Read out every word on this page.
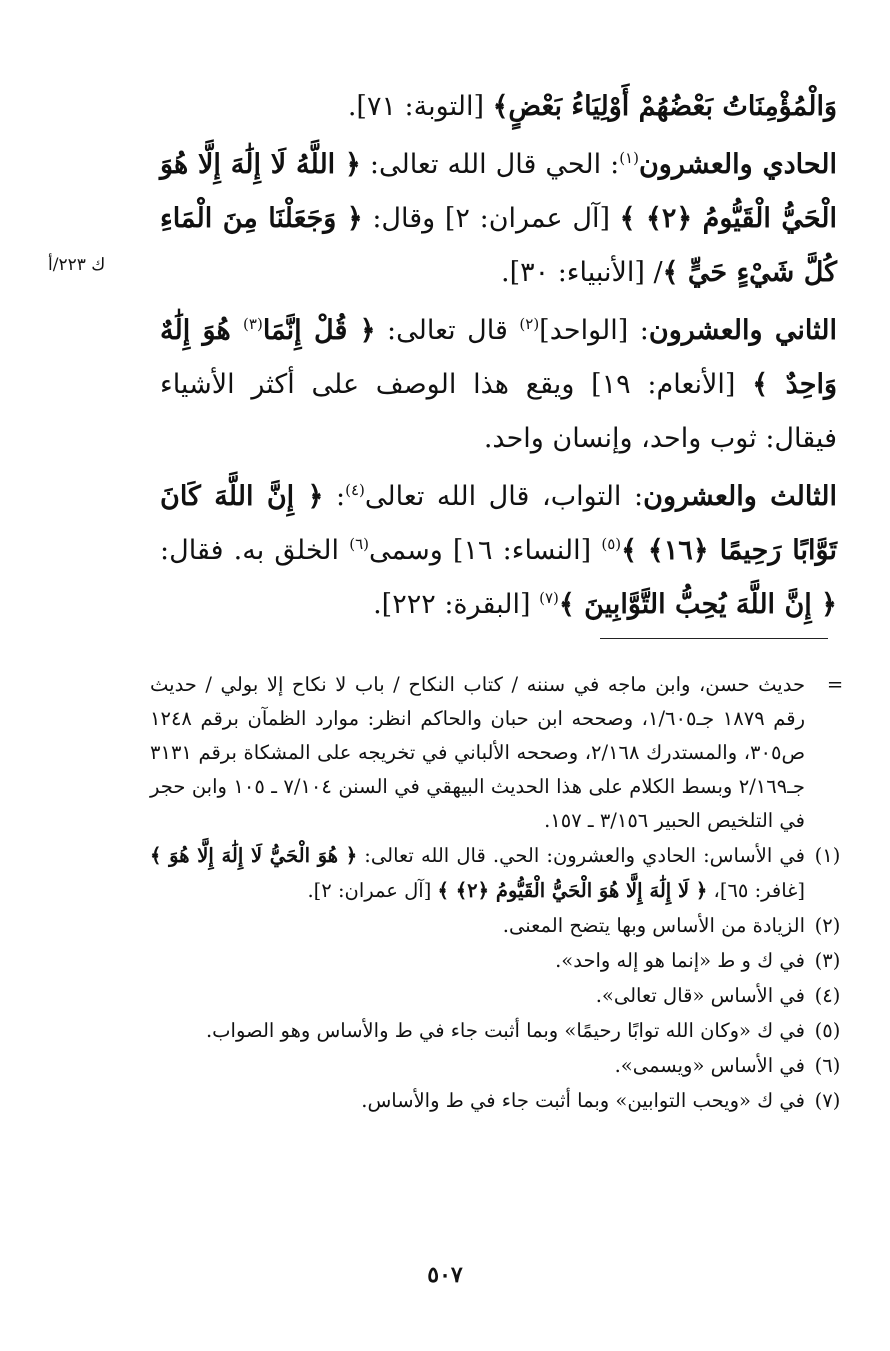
ك ٢٢٣/أ

وَالْمُؤْمِنَاتُ بَعْضُهُمْ أَوْلِيَاءُ بَعْضٍ﴾ [التوبة: ٧١].

الحادي والعشرون$^{(١)}$: الحي قال الله تعالى: ﴿ اللَّهُ لَا إِلَٰهَ إِلَّا هُوَ الْحَيُّ الْقَيُّومُ ﴿٢﴾ ﴾ [آل عمران: ٢] وقال: ﴿ وَجَعَلْنَا مِنَ الْمَاءِ كُلَّ شَيْءٍ حَيٍّ ﴾/ [الأنبياء: ٣٠].

الثاني والعشرون: [الواحد]$^{(٢)}$ قال تعالى: ﴿ قُلْ إِنَّمَا$^{(٣)}$ هُوَ إِلَٰهٌ وَاحِدٌ ﴾ [الأنعام: ١٩] ويقع هذا الوصف على أكثر الأشياء فيقال: ثوب واحد، وإنسان واحد.

الثالث والعشرون: التواب، قال الله تعالى$^{(٤)}$: ﴿ إِنَّ اللَّهَ كَانَ تَوَّابًا رَحِيمًا ﴿١٦﴾ ﴾$^{(٥)}$ [النساء: ١٦] وسمى$^{(٦)}$ الخلق به. فقال: ﴿ إِنَّ اللَّهَ يُحِبُّ التَّوَّابِينَ ﴾$^{(٧)}$ [البقرة: ٢٢٢].

=
حديث حسن، وابن ماجه في سننه / كتاب النكاح / باب لا نكاح إلا بولي / حديث رقم ١٨٧٩ جـ١/٦٠٥، وصححه ابن حبان والحاكم انظر: موارد الظمآن برقم ١٢٤٨ ص٣٠٥، والمستدرك ٢/١٦٨، وصححه الألباني في تخريجه على المشكاة برقم ٣١٣١ جـ٢/١٦٩ وبسط الكلام على هذا الحديث البيهقي في السنن ٧/١٠٤ ـ ١٠٥ وابن حجر في التلخيص الحبير ٣/١٥٦ ـ ١٥٧.
(١)
في الأساس: الحادي والعشرون: الحي. قال الله تعالى: ﴿ هُوَ الْحَيُّ لَا إِلَٰهَ إِلَّا هُوَ ﴾ [غافر: ٦٥]، ﴿ لَا إِلَٰهَ إِلَّا هُوَ الْحَيُّ الْقَيُّومُ ﴿٢﴾ ﴾ [آل عمران: ٢].
(٢)
الزيادة من الأساس وبها يتضح المعنى.
(٣)
في ك و ط «إنما هو إله واحد».
(٤)
في الأساس «قال تعالى».
(٥)
في ك «وكان الله توابًا رحيمًا» وبما أثبت جاء في ط والأساس وهو الصواب.
(٦)
في الأساس «ويسمى».
(٧)
في ك «ويحب التوابين» وبما أثبت جاء في ط والأساس.
٥٠٧
